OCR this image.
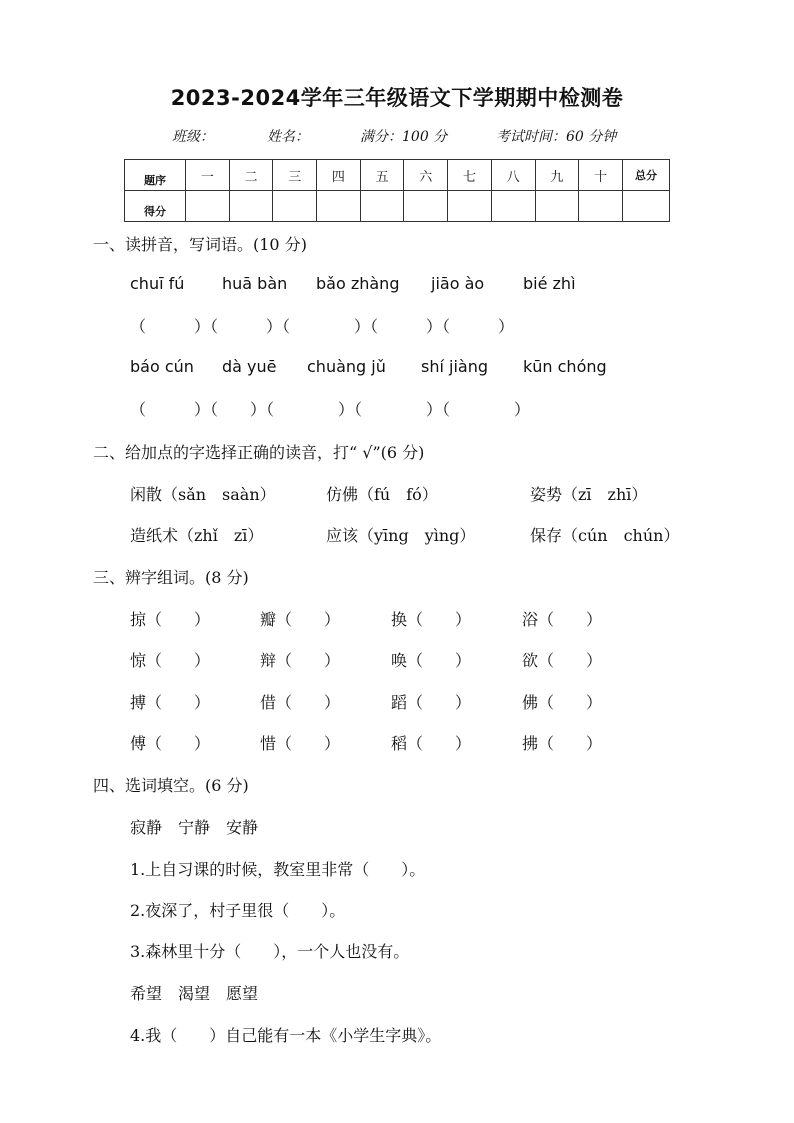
2023-2024学年三年级语文下学期期中检测卷
班级：	姓名：	满分：100 分	考试时间：60 分钟
题序	一	二	三	四	五	六	七	八	九	十	总分
得分											
一、读拼音，写词语。(10 分)
chuī fú huā bàn bǎo zhàng jiāo ào bié zhì
（　　　）（　　　）（　　　　）（　　　）（　　　）
báo cún dà yuē chuàng jǔ shí jiàng kūn chóng
（　　　）（　　）（　　　　）（　　　　）（　　　　）
二、给加点的字选择正确的读音，打“ √”(6 分)
闲散（sǎn　saàn）	仿佛（fú　fó）	姿势（zī　zhī）
造纸术（zhǐ　zī）	应该（yīng　yìng）	保存（cún　chún）
三、辨字组词。(8 分)
掠（　　）	瓣（　　）	换（　　）	浴（　　）
惊（　　）	辩（　　）	唤（　　）	欲（　　）
搏（　　）	借（　　）	蹈（　　）	佛（　　）
傅（　　）	惜（　　）	稻（　　）	拂（　　）
四、选词填空。(6 分)
寂静　宁静　安静
1.上自习课的时候，教室里非常（　　）。
2.夜深了，村子里很（　　）。
3.森林里十分（　　），一个人也没有。
希望　渴望　愿望
4.我（　　）自己能有一本《小学生字典》。
